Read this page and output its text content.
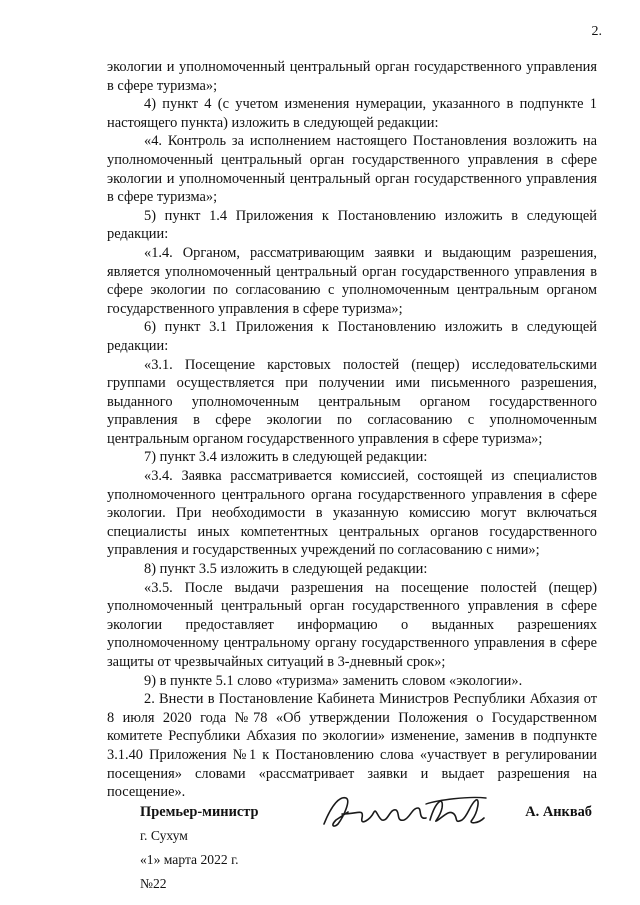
2.

экологии и уполномоченный центральный орган государственного управления в сфере туризма»;

4) пункт 4 (с учетом изменения нумерации, указанного в подпункте 1 настоящего пункта) изложить в следующей редакции:

«4. Контроль за исполнением настоящего Постановления возложить на уполномоченный центральный орган государственного управления в сфере экологии и уполномоченный центральный орган государственного управления в сфере туризма»;

5) пункт 1.4 Приложения к Постановлению изложить в следующей редакции:

«1.4. Органом, рассматривающим заявки и выдающим разрешения, является уполномоченный центральный орган государственного управления в сфере экологии по согласованию с уполномоченным центральным органом государственного управления в сфере туризма»;

6) пункт 3.1 Приложения к Постановлению изложить в следующей редакции:

«3.1. Посещение карстовых полостей (пещер) исследовательскими группами осуществляется при получении ими письменного разрешения, выданного уполномоченным центральным органом государственного управления в сфере экологии по согласованию с уполномоченным центральным органом государственного управления в сфере туризма»;

7) пункт 3.4 изложить в следующей редакции:

«3.4. Заявка рассматривается комиссией, состоящей из специалистов уполномоченного центрального органа государственного управления в сфере экологии. При необходимости в указанную комиссию могут включаться специалисты иных компетентных центральных органов государственного управления и государственных учреждений по согласованию с ними»;

8) пункт 3.5 изложить в следующей редакции:

«3.5. После выдачи разрешения на посещение полостей (пещер) уполномоченный центральный орган государственного управления в сфере экологии предоставляет информацию о выданных разрешениях уполномоченному центральному органу государственного управления в сфере защиты от чрезвычайных ситуаций в 3-дневный срок»;

9) в пункте 5.1 слово «туризма» заменить словом «экологии».

2. Внести в Постановление Кабинета Министров Республики Абхазия от 8 июля 2020 года №78 «Об утверждении Положения о Государственном комитете Республики Абхазия по экологии» изменение, заменив в подпункте 3.1.40 Приложения №1 к Постановлению слова «участвует в регулировании посещения» словами «рассматривает заявки и выдает разрешения на посещение».

Премьер-министр	А. Анкваб
г. Сухум
«1» марта 2022 г.
№22
